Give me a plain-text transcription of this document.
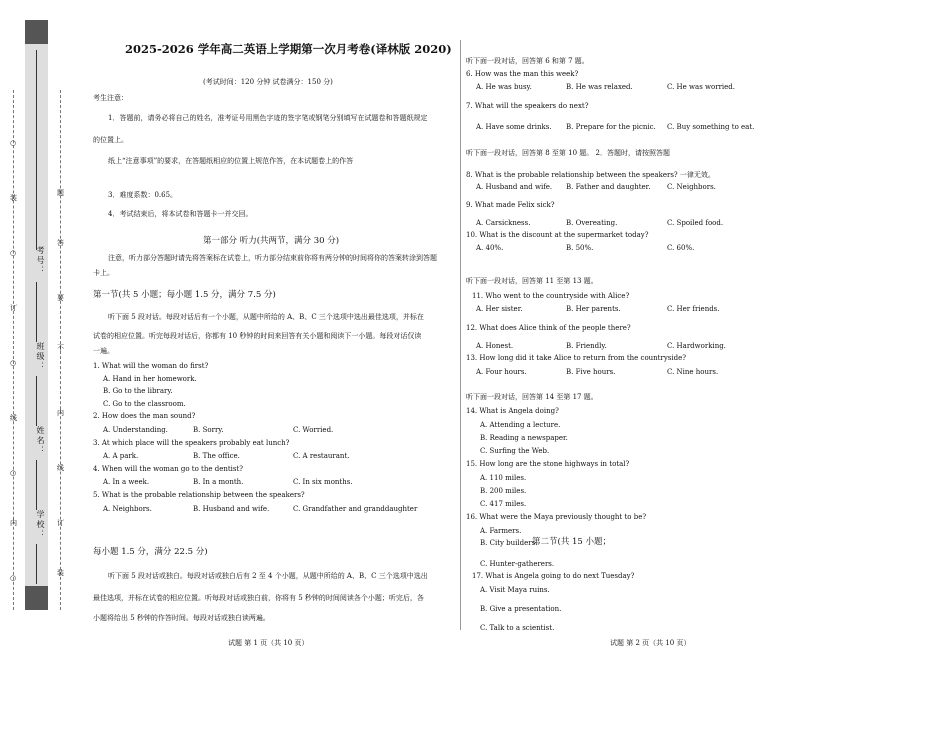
考号：
班级：
姓名：
学校：
○
装
○
订
○
线
○
内
○
题
答
要
不
内
线
订
装
2025-2026 学年高二英语上学期第一次月考卷(译林版 2020)
(考试时间：120 分钟 试卷满分：150 分)
考生注意：
1．答题前，请务必将自己的姓名，准考证号用黑色字迹的签字笔或钢笔分别填写在试题卷和答题纸规定
的位置上。
纸上“注意事项”的要求，在答题纸相应的位置上规范作答，在本试题卷上的作答
3．难度系数：0.65。
4．考试结束后，将本试卷和答题卡一并交回。
第一部分 听力(共两节，满分 30 分)
注意，听力部分答题时请先将答案标在试卷上，听力部分结束前你将有两分钟的时间将你的答案转涂到答题
卡上。
第一节(共 5 小题；每小题 1.5 分，满分 7.5 分)
听下面 5 段对话。每段对话后有一个小题，从题中所给的 A、B、C 三个选项中选出最佳选项，并标在
试卷的相应位置。听完每段对话后，你都有 10 秒钟的时间来回答有关小题和阅读下一小题。每段对话仅读
一遍。
1. What will the woman do first?
A. Hand in her homework.
B. Go to the library.
C. Go to the classroom.
2. How does the man sound?
A. Understanding.	B. Sorry.	C. Worried.
3. At which place will the speakers probably eat lunch?
A. A park.	B. The office.	C. A restaurant.
4. When will the woman go to the dentist?
A. In a week.	B. In a month.	C. In six months.
5. What is the probable relationship between the speakers?
A. Neighbors.	B. Husband and wife.	C. Grandfather and granddaughter
每小题 1.5 分，满分 22.5 分)
听下面 5 段对话或独白。每段对话或独白后有 2 至 4 个小题，从题中所给的 A、B、C 三个选项中选出
最佳选项，并标在试卷的相应位置。听每段对话或独白前，你将有 5 秒钟的时间阅读各个小题；听完后，各
小题将给出 5 秒钟的作答时间。每段对话或独白读两遍。
试题 第 1 页（共 10 页）
听下面一段对话，回答第 6 和第 7 题。
6. How was the man this week?
A. He was busy.	B. He was relaxed.	C. He was worried.
7. What will the speakers do next?
A. Have some drinks. B. Prepare for the picnic. C. Buy something to eat.
听下面一段对话，回答第 8 至第 10 题。 2．答题时，请按照答题
8. What is the probable relationship between the speakers? 一律无效。
A. Husband and wife. B. Father and daughter. C. Neighbors.
9. What made Felix sick?
A. Carsickness.	B. Overeating.	C. Spoiled food.
10. What is the discount at the supermarket today?
A. 40%.	B. 50%.	C. 60%.
听下面一段对话，回答第 11 至第 13 题。
11. Who went to the countryside with Alice?
A. Her sister.	B. Her parents.	C. Her friends.
12. What does Alice think of the people there?
A. Honest.	B. Friendly.	C. Hardworking.
13. How long did it take Alice to return from the countryside?
A. Four hours.	B. Five hours.	C. Nine hours.
听下面一段对话，回答第 14 至第 17 题。
14. What is Angela doing?
A. Attending a lecture.
B. Reading a newspaper.
C. Surfing the Web.
15. How long are the stone highways in total?
A. 110 miles.
B. 200 miles.
C. 417 miles.
16. What were the Maya previously thought to be?
A. Farmers.
B. City builders.
第二节(共 15 小题；
C. Hunter-gatherers.
17. What is Angela going to do next Tuesday?
A. Visit Maya ruins.
B. Give a presentation.
C. Talk to a scientist.
试题 第 2 页（共 10 页）
